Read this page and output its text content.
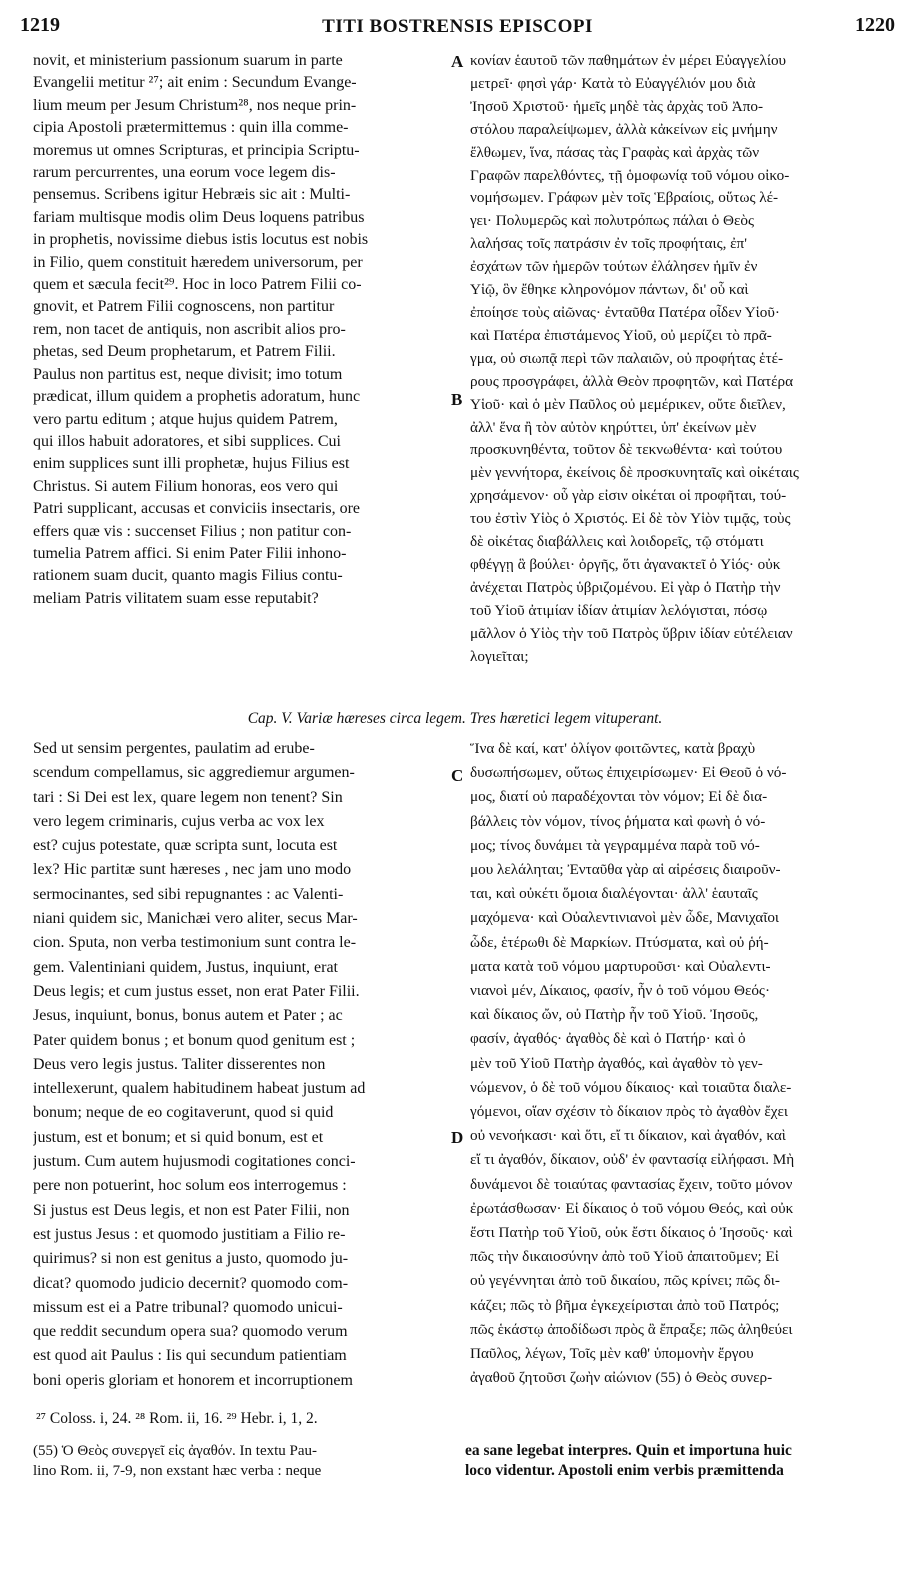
1219	TITI BOSTRENSIS EPISCOPI	1220
novit, et ministerium passionum suarum in parte
Evangelii metitur ²⁷; ait enim : Secundum Evange-
lium meum per Jesum Christum²⁸, nos neque prin-
cipia Apostoli prætermittemus : quin illa comme-
moremus ut omnes Scripturas, et principia Scriptu-
rarum percurrentes, una eorum voce legem dis-
pensemus. Scribens igitur Hebræis sic ait : Multi-
fariam multisque modis olim Deus loquens patribus
in prophetis, novissime diebus istis locutus est nobis
in Filio, quem constituit hæredem universorum, per
quem et sæcula fecit²⁹. Hoc in loco Patrem Filii co-
gnovit, et Patrem Filii cognoscens, non partitur
rem, non tacet de antiquis, non ascribit alios pro-
phetas, sed Deum prophetarum, et Patrem Filii.
Paulus non partitus est, neque divisit; imo totum
prædicat, illum quidem a prophetis adoratum, hunc
vero partu editum ; atque hujus quidem Patrem,
qui illos habuit adoratores, et sibi supplices. Cui
enim supplices sunt illi prophetæ, hujus Filius est
Christus. Si autem Filium honoras, eos vero qui
Patri supplicant, accusas et conviciis insectaris, ore
effers quæ vis : succenset Filius ; non patitur con-
tumelia Patrem affici. Si enim Pater Filii inhono-
rationem suam ducit, quanto magis Filius contu-
meliam Patris vilitatem suam esse reputabit?
κονίαν ἑαυτοῦ τῶν παθημάτων ἐν μέρει Εὐαγγελίου
μετρεῖ· φησὶ γάρ· Κατὰ τὸ Εὐαγγέλιόν μου διὰ
Ἰησοῦ Χριστοῦ· ἡμεῖς μηδὲ τὰς ἀρχὰς τοῦ Ἀπο-
στόλου παραλείψωμεν, ἀλλὰ κἀκείνων εἰς μνήμην
ἔλθωμεν, ἵνα, πάσας τὰς Γραφὰς καὶ ἀρχὰς τῶν
Γραφῶν παρελθόντες, τῇ ὁμοφωνίᾳ τοῦ νόμου οἰκο-
νομήσωμεν. Γράφων μὲν τοῖς Ἑβραίοις, οὕτως λέ-
γει· Πολυμερῶς καὶ πολυτρόπως πάλαι ὁ Θεὸς
λαλήσας τοῖς πατράσιν ἐν τοῖς προφήταις, ἐπ'
ἐσχάτων τῶν ἡμερῶν τούτων ἐλάλησεν ἡμῖν ἐν
Υἱῷ, ὃν ἔθηκε κληρονόμον πάντων, δι' οὗ καὶ
ἐποίησε τοὺς αἰῶνας· ἐνταῦθα Πατέρα οἶδεν Υἱοῦ·
καὶ Πατέρα ἐπιστάμενος Υἱοῦ, οὐ μερίζει τὸ πρᾶ-
γμα, οὐ σιωπᾷ περὶ τῶν παλαιῶν, οὐ προφήτας ἑτέ-
ρους προσγράφει, ἀλλὰ Θεὸν προφητῶν, καὶ Πατέρα
Υἱοῦ· καὶ ὁ μὲν Παῦλος οὐ μεμέρικεν, οὔτε διεῖλεν,
ἀλλ' ἕνα ἢ τὸν αὐτὸν κηρύττει, ὑπ' ἐκείνων μὲν
προσκυνηθέντα, τοῦτον δὲ τεκνωθέντα· καὶ τούτου
μὲν γεννήτορα, ἐκείνοις δὲ προσκυνηταῖς καὶ οἰκέταις
χρησάμενον· οὗ γὰρ εἰσιν οἰκέται οἱ προφῆται, τού-
του ἐστὶν Υἱὸς ὁ Χριστός. Εἰ δὲ τὸν Υἱὸν τιμᾷς, τοὺς
δὲ οἰκέτας διαβάλλεις καὶ λοιδορεῖς, τῷ στόματι
φθέγγῃ ἃ βούλει· ὀργῆς, ὅτι ἀγανακτεῖ ὁ Υἱός· οὐκ
ἀνέχεται Πατρὸς ὑβριζομένου. Εἰ γὰρ ὁ Πατὴρ τὴν
τοῦ Υἱοῦ ἀτιμίαν ἰδίαν ἀτιμίαν λελόγισται, πόσῳ
μᾶλλον ὁ Υἱὸς τὴν τοῦ Πατρὸς ὕβριν ἰδίαν εὐτέλειαν
λογιεῖται;
A
B
Cap. V. Variæ hæreses circa legem. Tres hæretici legem vituperant.
Sed ut sensim pergentes, paulatim ad erube-
scendum compellamus, sic aggrediemur argumen-
tari : Si Dei est lex, quare legem non tenent? Sin
vero legem criminaris, cujus verba ac vox lex
est? cujus potestate, quæ scripta sunt, locuta est
lex? Hic partitæ sunt hæreses , nec jam uno modo
sermocinantes, sed sibi repugnantes : ac Valenti-
niani quidem sic, Manichæi vero aliter, secus Mar-
cion. Sputa, non verba testimonium sunt contra le-
gem. Valentiniani quidem, Justus, inquiunt, erat
Deus legis; et cum justus esset, non erat Pater Filii.
Jesus, inquiunt, bonus, bonus autem et Pater ; ac
Pater quidem bonus ; et bonum quod genitum est ;
Deus vero legis justus. Taliter disserentes non
intellexerunt, qualem habitudinem habeat justum ad
bonum; neque de eo cogitaverunt, quod si quid
justum, est et bonum; et si quid bonum, est et
justum. Cum autem hujusmodi cogitationes conci-
pere non potuerint, hoc solum eos interrogemus :
Si justus est Deus legis, et non est Pater Filii, non
est justus Jesus : et quomodo justitiam a Filio re-
quirimus? si non est genitus a justo, quomodo ju-
dicat? quomodo judicio decernit? quomodo com-
missum est ei a Patre tribunal? quomodo unicui-
que reddit secundum opera sua? quomodo verum
est quod ait Paulus : Iis qui secundum patientiam
boni operis gloriam et honorem et incorruptionem
Ἵνα δὲ καί, κατ' ὀλίγον φοιτῶντες, κατὰ βραχὺ
δυσωπήσωμεν, οὕτως ἐπιχειρίσωμεν· Εἰ Θεοῦ ὁ νό-
μος, διατί οὐ παραδέχονται τὸν νόμον; Εἰ δὲ δια-
βάλλεις τὸν νόμον, τίνος ῥήματα καὶ φωνὴ ὁ νό-
μος; τίνος δυνάμει τὰ γεγραμμένα παρὰ τοῦ νό-
μου λελάληται; Ἐνταῦθα γὰρ αἱ αἱρέσεις διαιροῦν-
ται, καὶ οὐκέτι ὅμοια διαλέγονται· ἀλλ' ἑαυταῖς
μαχόμενα· καὶ Οὐαλεντινιανοὶ μὲν ὧδε, Μανιχαῖοι
ὧδε, ἑτέρωθι δὲ Μαρκίων. Πτύσματα, καὶ οὐ ῥή-
ματα κατὰ τοῦ νόμου μαρτυροῦσι· καὶ Οὐαλεντι-
νιανοὶ μέν, Δίκαιος, φασίν, ἦν ὁ τοῦ νόμου Θεός·
καὶ δίκαιος ὤν, οὐ Πατὴρ ἦν τοῦ Υἱοῦ. Ἰησοῦς,
φασίν, ἀγαθός· ἀγαθὸς δὲ καὶ ὁ Πατήρ· καὶ ὁ
μὲν τοῦ Υἱοῦ Πατὴρ ἀγαθός, καὶ ἀγαθὸν τὸ γεν-
νώμενον, ὁ δὲ τοῦ νόμου δίκαιος· καὶ τοιαῦτα διαλε-
γόμενοι, οἵαν σχέσιν τὸ δίκαιον πρὸς τὸ ἀγαθὸν ἔχει
οὐ νενοήκασι· καὶ ὅτι, εἴ τι δίκαιον, καὶ ἀγαθόν, καὶ
εἴ τι ἀγαθόν, δίκαιον, οὐδ' ἐν φαντασίᾳ εἰλήφασι. Μὴ
δυνάμενοι δὲ τοιαύτας φαντασίας ἔχειν, τοῦτο μόνον
ἐρωτάσθωσαν· Εἰ δίκαιος ὁ τοῦ νόμου Θεός, καὶ οὐκ
ἔστι Πατὴρ τοῦ Υἱοῦ, οὐκ ἔστι δίκαιος ὁ Ἰησοῦς· καὶ
πῶς τὴν δικαιοσύνην ἀπὸ τοῦ Υἱοῦ ἀπαιτοῦμεν; Εἰ
οὐ γεγέννηται ἀπὸ τοῦ δικαίου, πῶς κρίνει; πῶς δι-
κάζει; πῶς τὸ βῆμα ἐγκεχείρισται ἀπὸ τοῦ Πατρός;
πῶς ἑκάστῳ ἀποδίδωσι πρὸς ἃ ἔπραξε; πῶς ἀληθεύει
Παῦλος, λέγων, Τοῖς μὲν καθ' ὑπομονὴν ἔργου
ἀγαθοῦ ζητοῦσι ζωὴν αἰώνιον (55) ὁ Θεὸς συνερ-
C
D
²⁷ Coloss. i, 24. ²⁸ Rom. ii, 16. ²⁹ Hebr. i, 1, 2.
(55) Ὁ Θεὸς συνεργεῖ εἰς ἀγαθόν. In textu Pau-
lino Rom. ii, 7-9, non exstant hæc verba : neque
ea sane legebat interpres. Quin et importuna huic
loco videntur. Apostoli enim verbis præmittenda
